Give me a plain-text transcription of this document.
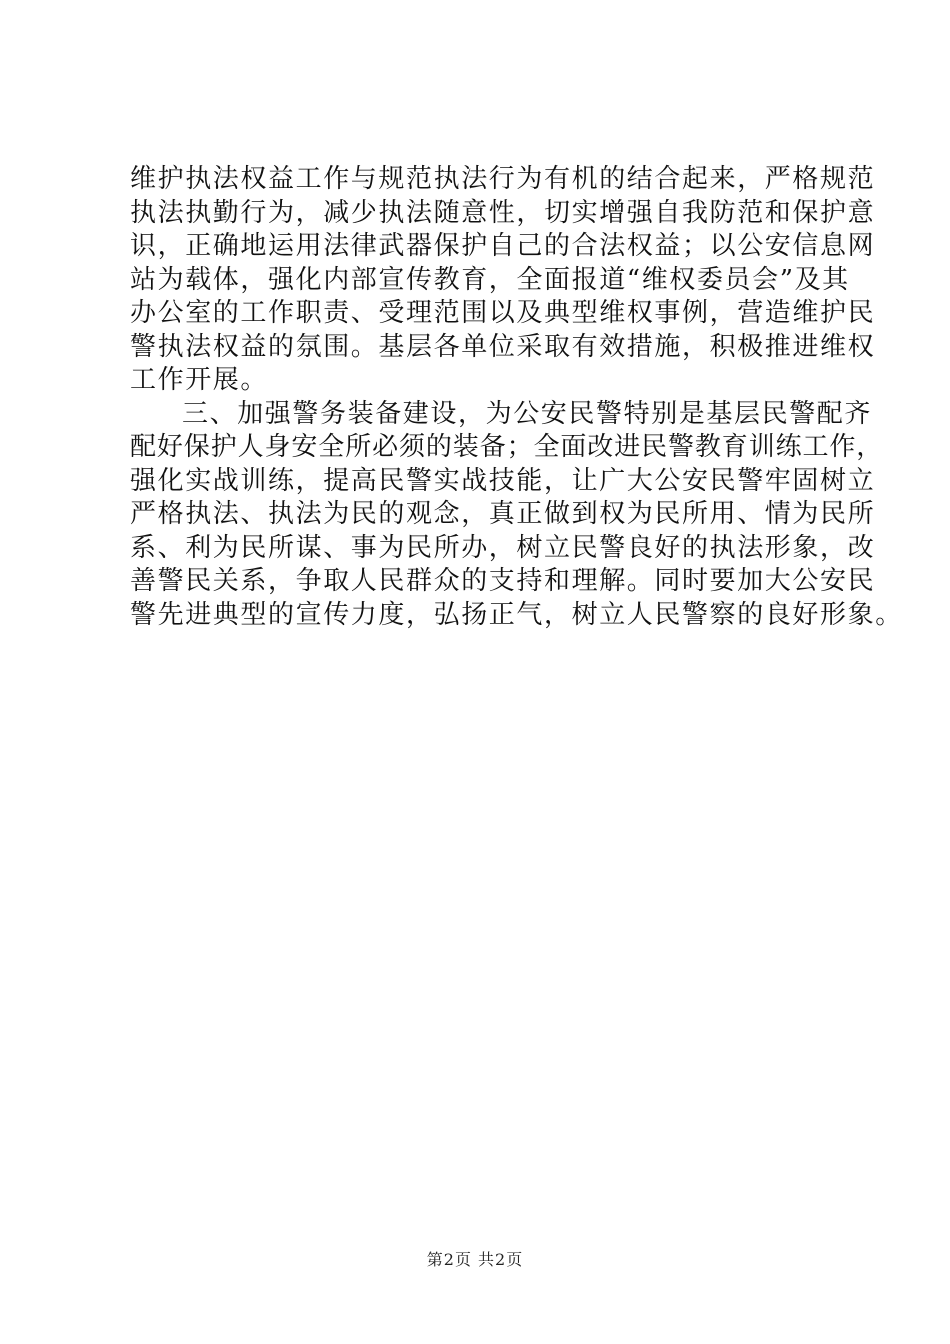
维护执法权益工作与规范执法行为有机的结合起来，严格规范
执法执勤行为，减少执法随意性，切实增强自我防范和保护意
识，正确地运用法律武器保护自己的合法权益；以公安信息网
站为载体，强化内部宣传教育，全面报道“维权委员会”及其
办公室的工作职责、受理范围以及典型维权事例，营造维护民
警执法权益的氛围。基层各单位采取有效措施，积极推进维权
工作开展。
三、加强警务装备建设，为公安民警特别是基层民警配齐
配好保护人身安全所必须的装备；全面改进民警教育训练工作，
强化实战训练，提高民警实战技能，让广大公安民警牢固树立
严格执法、执法为民的观念，真正做到权为民所用、情为民所
系、利为民所谋、事为民所办，树立民警良好的执法形象，改
善警民关系，争取人民群众的支持和理解。同时要加大公安民
警先进典型的宣传力度，弘扬正气，树立人民警察的良好形象。
第2页 共2页
